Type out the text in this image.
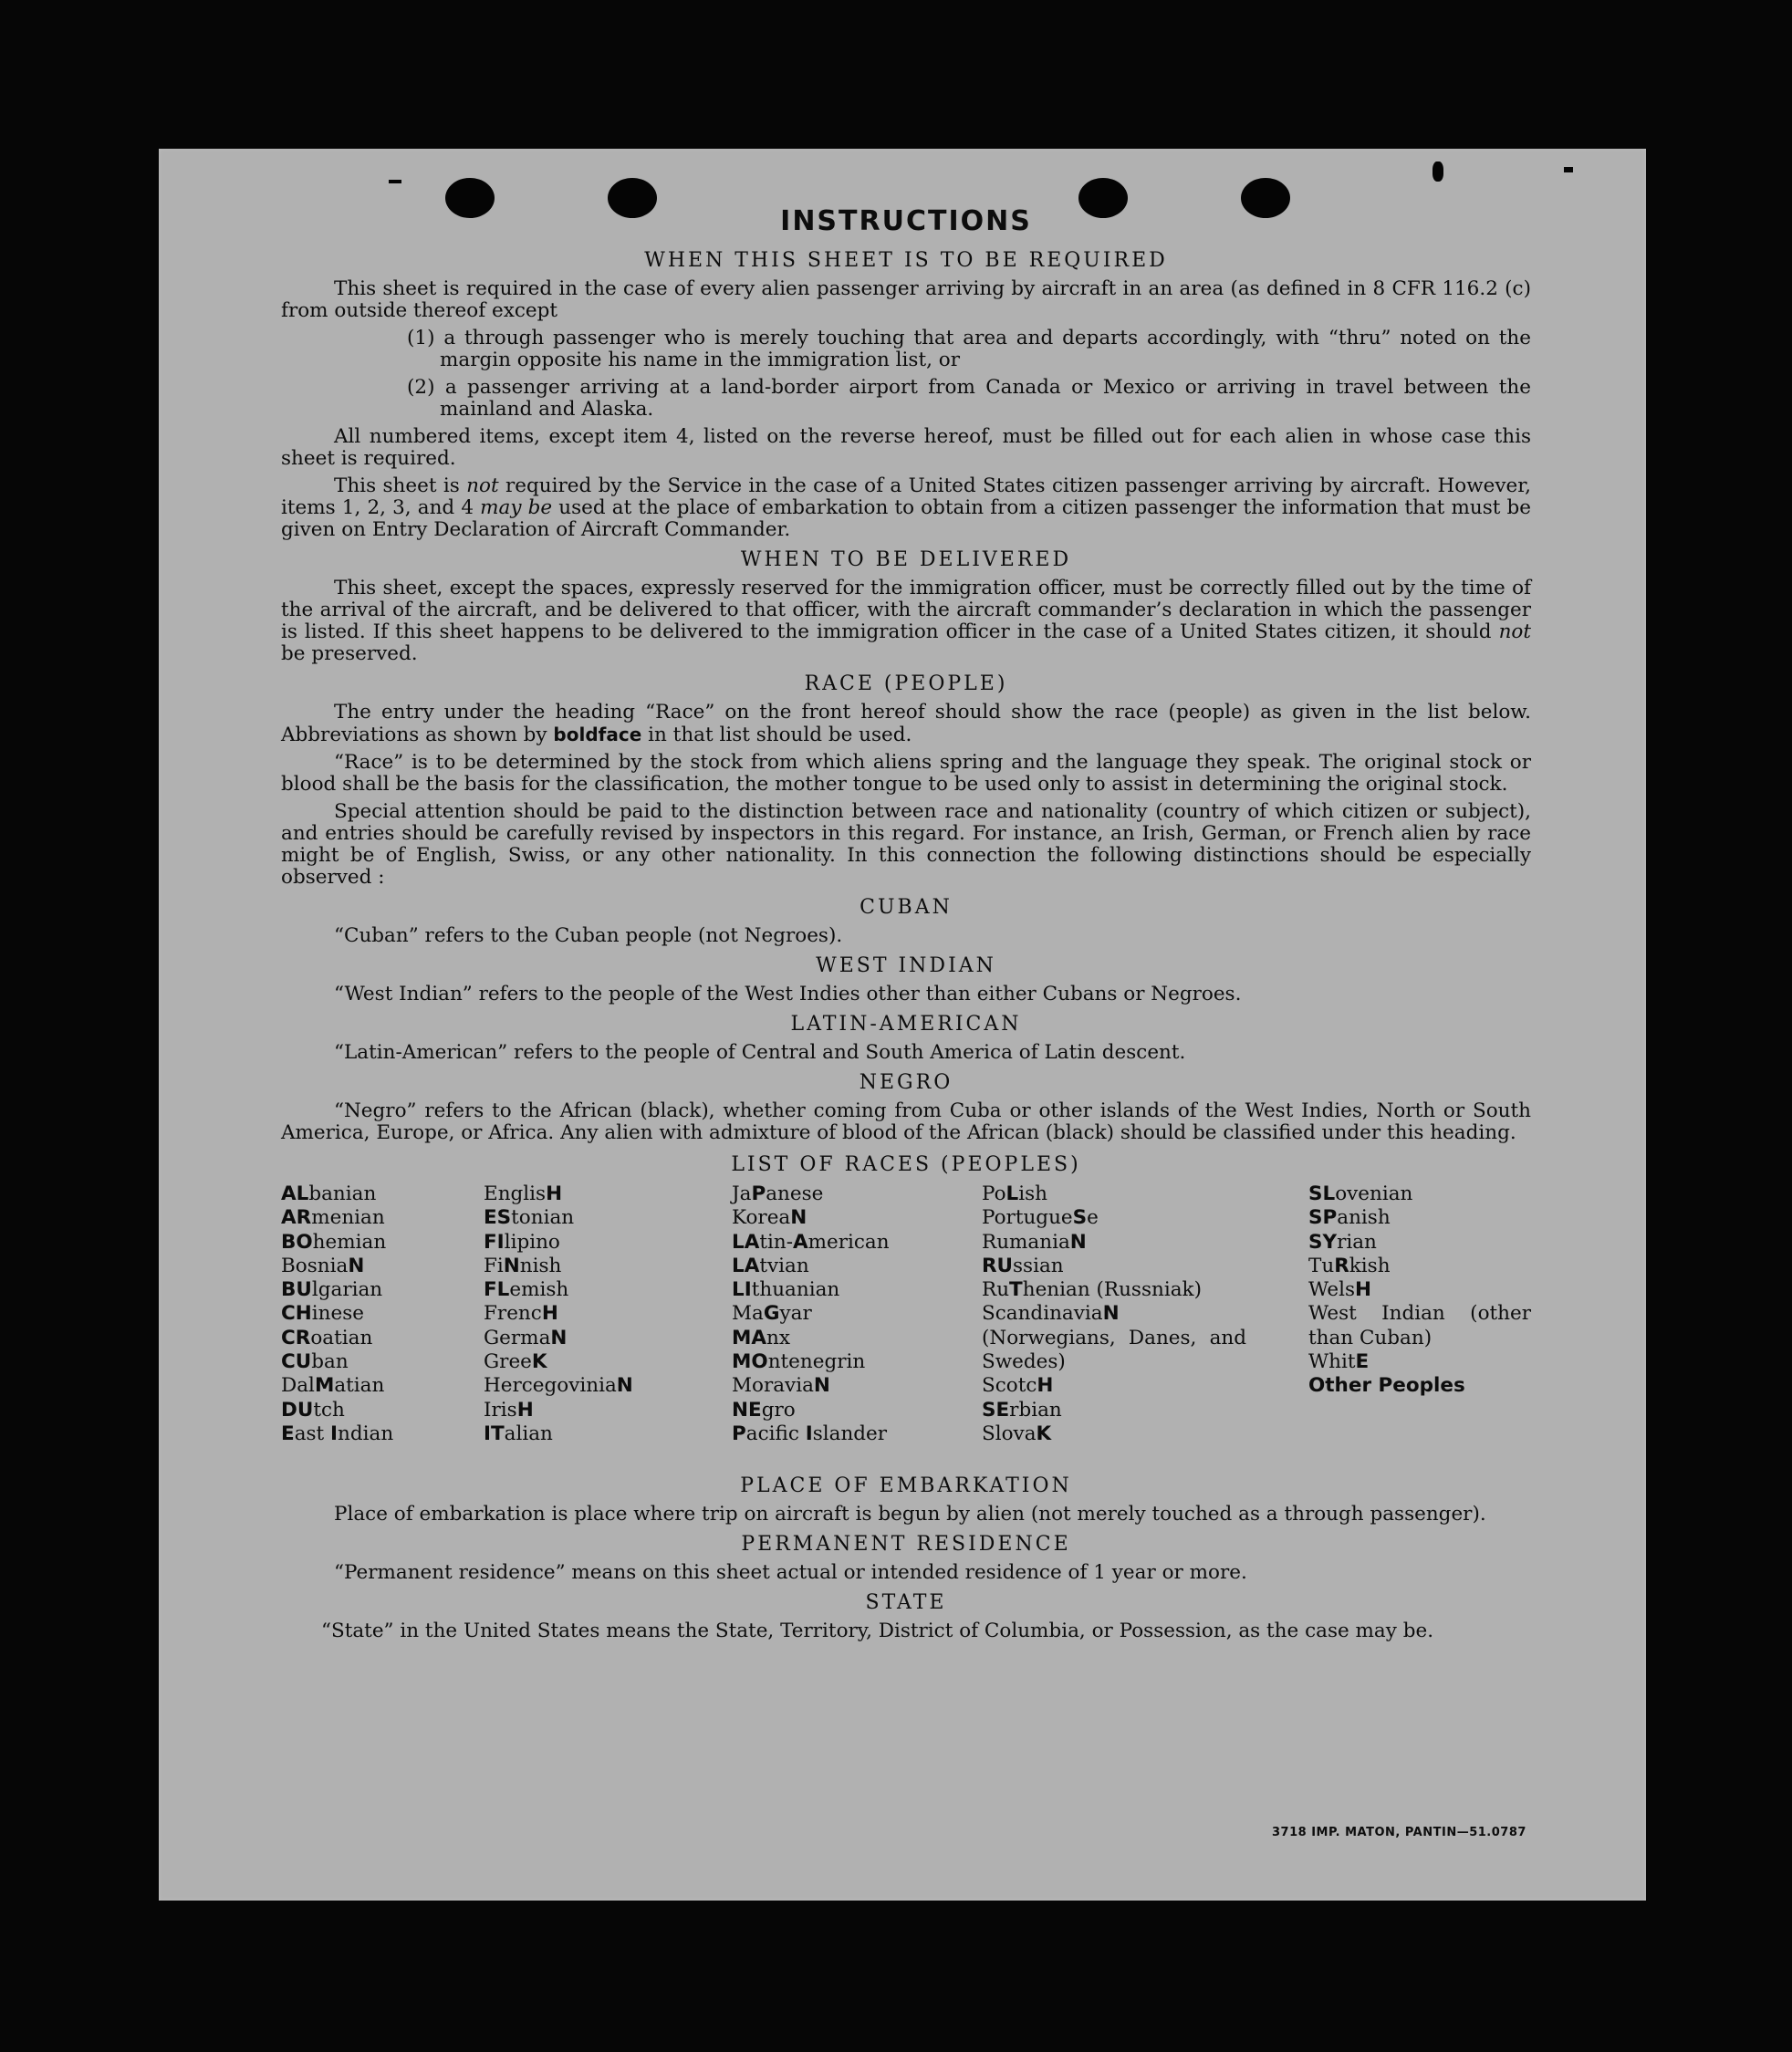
INSTRUCTIONS
WHEN THIS SHEET IS TO BE REQUIRED

This sheet is required in the case of every alien passenger arriving by aircraft in an area (as defined in 8 CFR 116.2 (c) from outside thereof except

(1) a through passenger who is merely touching that area and departs accordingly, with “thru” noted on the margin opposite his name in the immigration list, or
(2) a passenger arriving at a land-border airport from Canada or Mexico or arriving in travel between the mainland and Alaska.

All numbered items, except item 4, listed on the reverse hereof, must be filled out for each alien in whose case this sheet is required.

This sheet is not required by the Service in the case of a United States citizen passenger arriving by aircraft. However, items 1, 2, 3, and 4 may be used at the place of embarkation to obtain from a citizen passenger the information that must be given on Entry Declaration of Aircraft Commander.

WHEN TO BE DELIVERED

This sheet, except the spaces, expressly reserved for the immigration officer, must be correctly filled out by the time of the arrival of the aircraft, and be delivered to that officer, with the aircraft commander’s declaration in which the passenger is listed. If this sheet happens to be delivered to the immigration officer in the case of a United States citizen, it should not be preserved.

RACE (PEOPLE)

The entry under the heading “Race” on the front hereof should show the race (people) as given in the list below. Abbreviations as shown by boldface in that list should be used.

“Race” is to be determined by the stock from which aliens spring and the language they speak. The original stock or blood shall be the basis for the classification, the mother tongue to be used only to assist in determining the original stock.

Special attention should be paid to the distinction between race and nationality (country of which citizen or subject), and entries should be carefully revised by inspectors in this regard. For instance, an Irish, German, or French alien by race might be of English, Swiss, or any other nationality. In this connection the following distinctions should be especially observed :

CUBAN

“Cuban” refers to the Cuban people (not Negroes).

WEST INDIAN

“West Indian” refers to the people of the West Indies other than either Cubans or Negroes.

LATIN-AMERICAN

“Latin-American” refers to the people of Central and South America of Latin descent.

NEGRO

“Negro” refers to the African (black), whether coming from Cuba or other islands of the West Indies, North or South America, Europe, or Africa. Any alien with admixture of blood of the African (black) should be classified under this heading.

LIST OF RACES (PEOPLES)
ALbanian
ARmenian
BOhemian
BosniaN
BUlgarian
CHinese
CRoatian
CUban
DalMatian
DUtch
East Indian
EnglisH
EStonian
FIlipino
FiNnish
FLemish
FrencH
GermaN
GreeK
HercegoviniaN
IrisH
ITalian
JaPanese
KoreaN
LAtin-American
LAtvian
LIthuanian
MaGyar
MAnx
MOntenegrin
MoraviaN
NEgro
Pacific Islander
PoLish
PortugueSe
RumaniaN
RUssian
RuThenian (Russniak)
ScandinaviaN (Norwegians, Danes, and Swedes)
ScotcH
SErbian
SlovaK
SLovenian
SPanish
SYrian
TuRkish
WelsH
West Indian (other than Cuban)
WhitE
Other Peoples
PLACE OF EMBARKATION

Place of embarkation is place where trip on aircraft is begun by alien (not merely touched as a through passenger).

PERMANENT RESIDENCE

“Permanent residence” means on this sheet actual or intended residence of 1 year or more.

STATE

“State” in the United States means the State, Territory, District of Columbia, or Possession, as the case may be.

3718 IMP. MATON, PANTIN—51.0787
